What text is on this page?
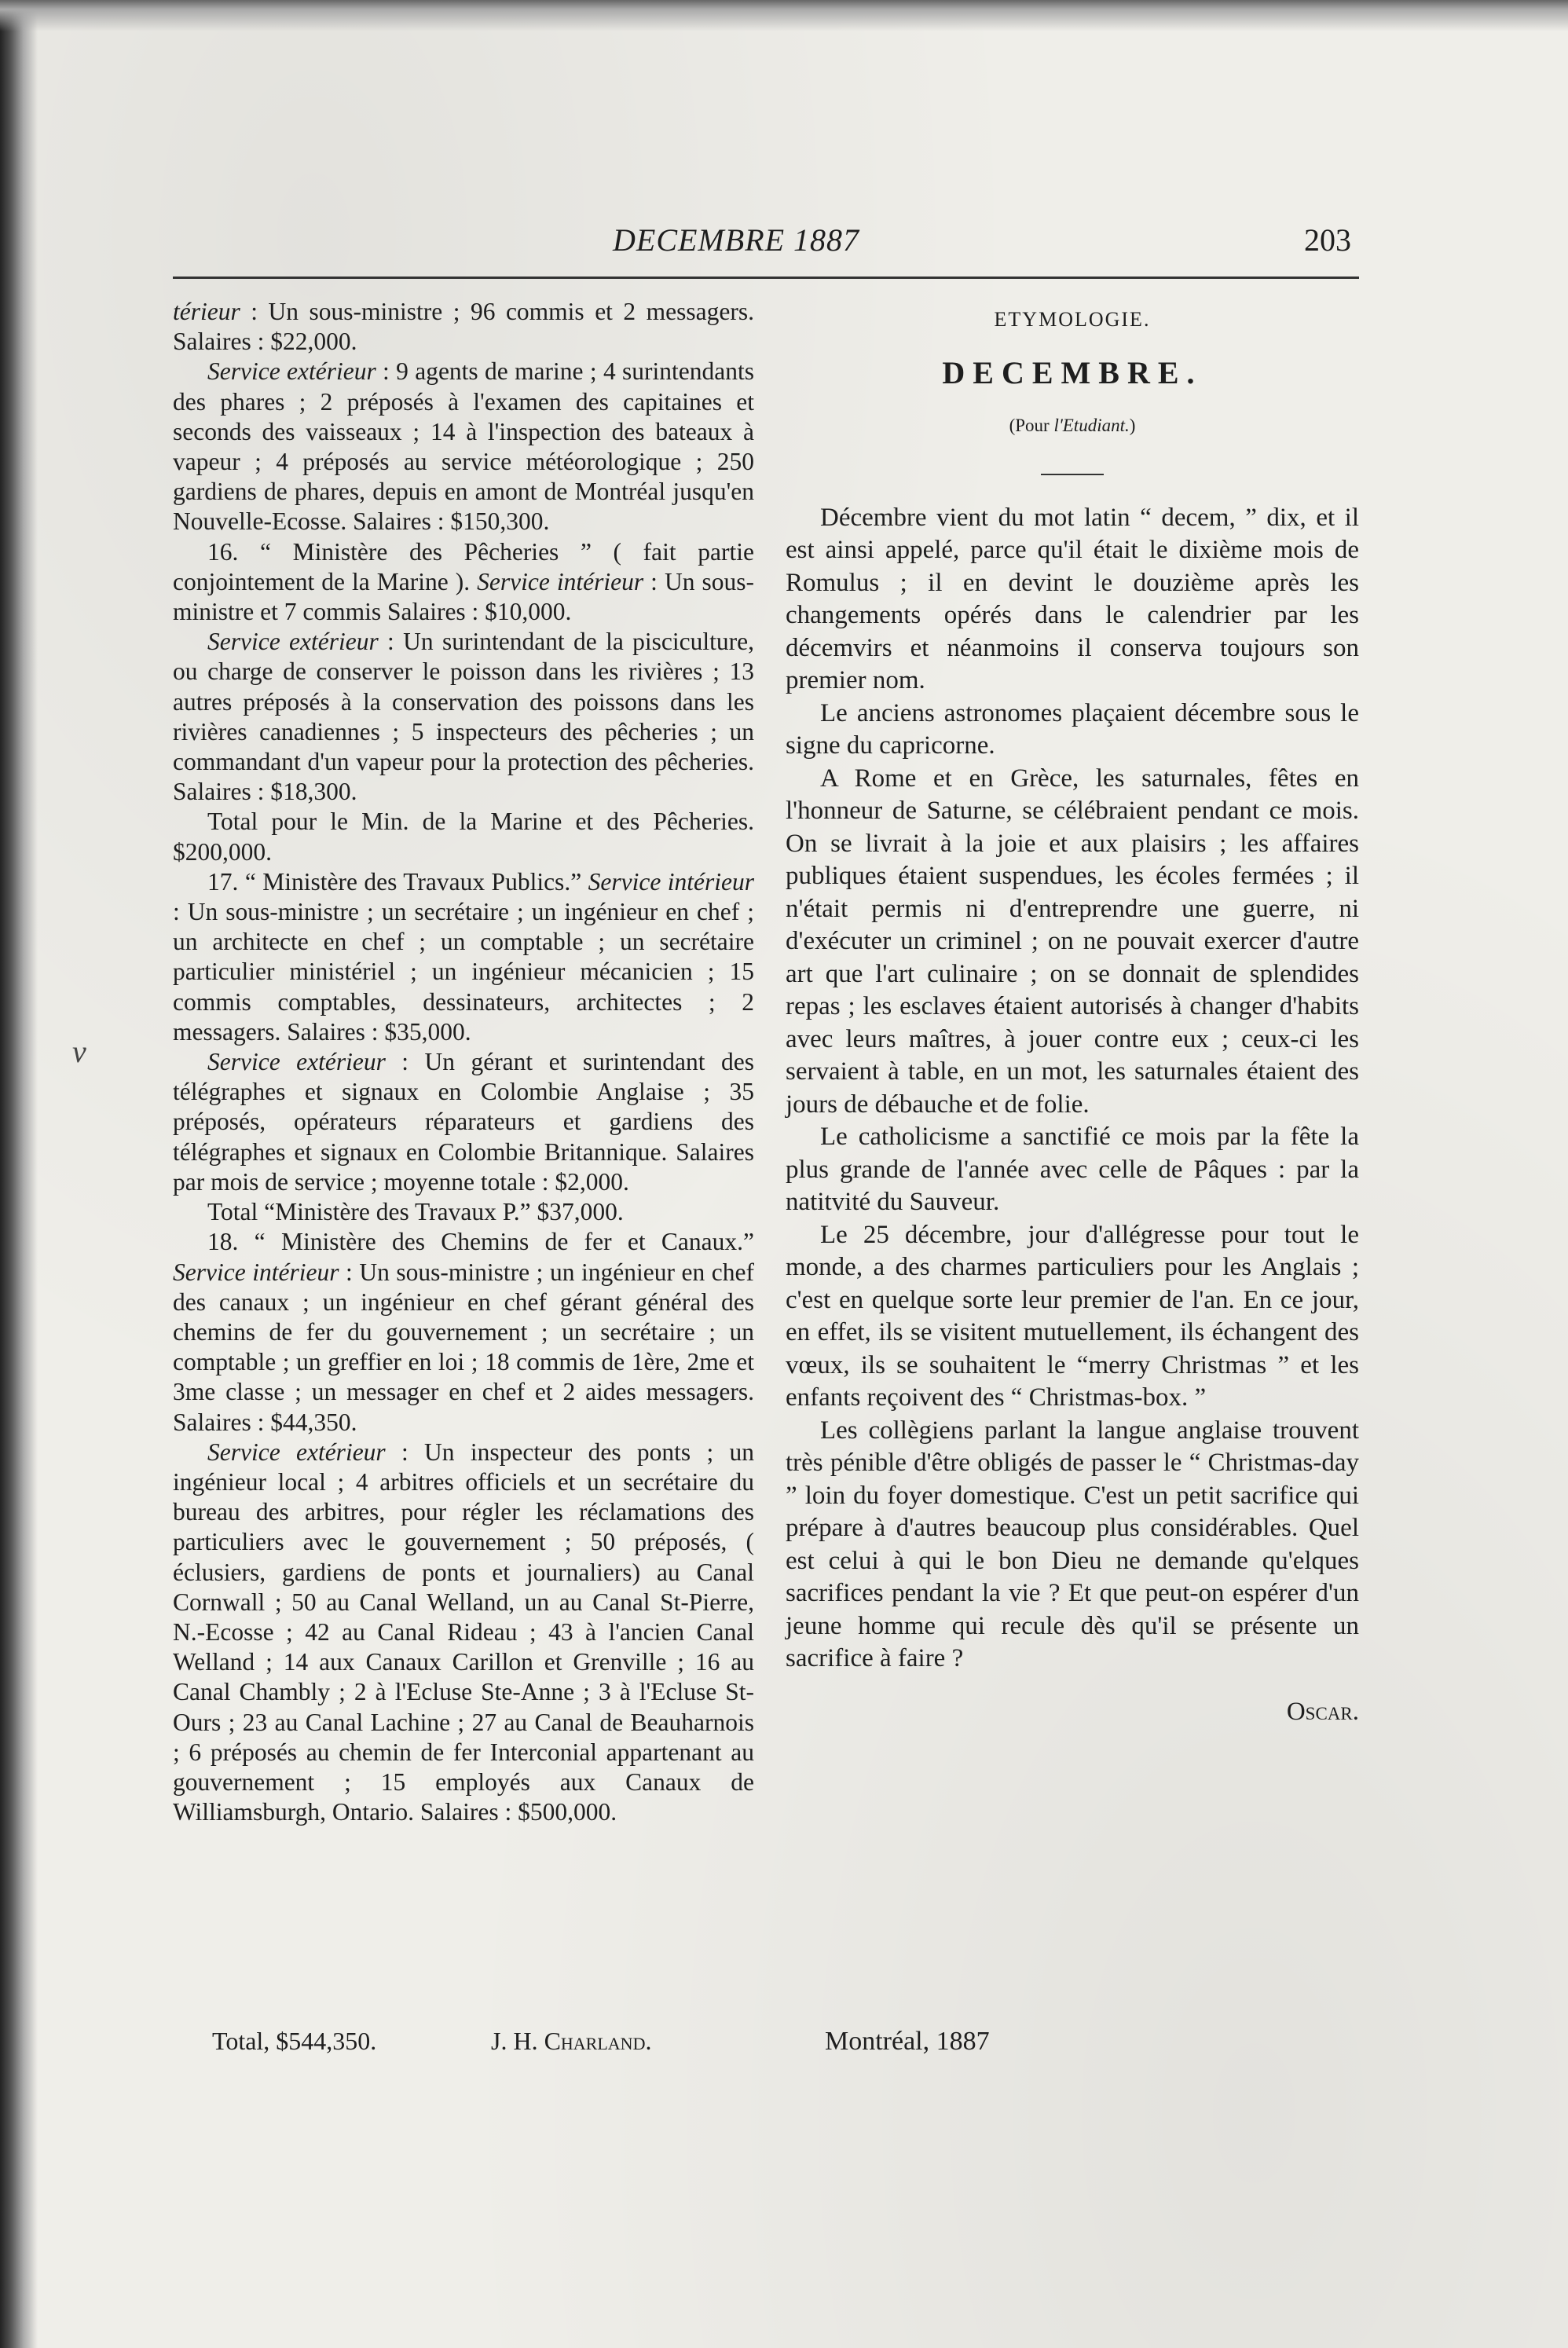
DECEMBRE 1887	203
v

térieur : Un sous-ministre ; 96 commis et 2 messagers. Salaires : $22,000.

Service extérieur : 9 agents de marine ; 4 surintendants des phares ; 2 préposés à l'examen des capitaines et seconds des vaisseaux ; 14 à l'inspection des bateaux à vapeur ; 4 préposés au service météorologique ; 250 gardiens de phares, depuis en amont de Montréal jusqu'en Nouvelle-Ecosse. Salaires : $150,300.

16. “ Ministère des Pêcheries ” ( fait partie conjointement de la Marine ). Service intérieur : Un sous-ministre et 7 commis Salaires : $10,000.

Service extérieur : Un surintendant de la pisciculture, ou charge de conserver le poisson dans les rivières ; 13 autres préposés à la conservation des poissons dans les rivières canadiennes ; 5 inspecteurs des pêcheries ; un commandant d'un vapeur pour la protection des pêcheries. Salaires : $18,300.

Total pour le Min. de la Marine et des Pêcheries. $200,000.

17. “ Ministère des Travaux Publics.” Service intérieur : Un sous-ministre ; un secrétaire ; un ingénieur en chef ; un architecte en chef ; un comptable ; un secrétaire particulier ministériel ; un ingénieur mécanicien ; 15 commis comptables, dessinateurs, architectes ; 2 messagers. Salaires : $35,000.

Service extérieur : Un gérant et surintendant des télégraphes et signaux en Colombie Anglaise ; 35 préposés, opérateurs réparateurs et gardiens des télégraphes et signaux en Colombie Britannique. Salaires par mois de service ; moyenne totale : $2,000.

Total “Ministère des Travaux P.” $37,000.

18. “ Ministère des Chemins de fer et Canaux.” Service intérieur : Un sous-ministre ; un ingénieur en chef des canaux ; un ingénieur en chef gérant général des chemins de fer du gouvernement ; un secrétaire ; un comptable ; un greffier en loi ; 18 commis de 1ère, 2me et 3me classe ; un messager en chef et 2 aides messagers. Salaires : $44,350.

Service extérieur : Un inspecteur des ponts ; un ingénieur local ; 4 arbitres officiels et un secrétaire du bureau des arbitres, pour régler les réclamations des particuliers avec le gouvernement ; 50 préposés, ( éclusiers, gardiens de ponts et journaliers) au Canal Cornwall ; 50 au Canal Welland, un au Canal St-Pierre, N.-Ecosse ; 42 au Canal Rideau ; 43 à l'ancien Canal Welland ; 14 aux Canaux Carillon et Grenville ; 16 au Canal Chambly ; 2 à l'Ecluse Ste-Anne ; 3 à l'Ecluse St-Ours ; 23 au Canal Lachine ; 27 au Canal de Beauharnois ; 6 préposés au chemin de fer Interconial appartenant au gouvernement ; 15 employés aux Canaux de Williamsburgh, Ontario. Salaires : $500,000.

ETYMOLOGIE.

DECEMBRE.

(Pour l'Etudiant.)

Décembre vient du mot latin “ decem, ” dix, et il est ainsi appelé, parce qu'il était le dixième mois de Romulus ; il en devint le douzième après les changements opérés dans le calendrier par les décemvirs et néanmoins il conserva toujours son premier nom.

Le anciens astronomes plaçaient décembre sous le signe du capricorne.

A Rome et en Grèce, les saturnales, fêtes en l'honneur de Saturne, se célébraient pendant ce mois. On se livrait à la joie et aux plaisirs ; les affaires publiques étaient suspendues, les écoles fermées ; il n'était permis ni d'entreprendre une guerre, ni d'exécuter un criminel ; on ne pouvait exercer d'autre art que l'art culinaire ; on se donnait de splendides repas ; les esclaves étaient autorisés à changer d'habits avec leurs maîtres, à jouer contre eux ; ceux-ci les servaient à table, en un mot, les saturnales étaient des jours de débauche et de folie.

Le catholicisme a sanctifié ce mois par la fête la plus grande de l'année avec celle de Pâques : par la natitvité du Sauveur.

Le 25 décembre, jour d'allégresse pour tout le monde, a des charmes particuliers pour les Anglais ; c'est en quelque sorte leur premier de l'an. En ce jour, en effet, ils se visitent mutuellement, ils échangent des vœux, ils se souhaitent le “merry Christmas ” et les enfants reçoivent des “ Christmas-box. ”

Les collègiens parlant la langue anglaise trouvent très pénible d'être obligés de passer le “ Christmas-day ” loin du foyer domestique. C'est un petit sacrifice qui prépare à d'autres beaucoup plus considérables. Quel est celui à qui le bon Dieu ne demande qu'elques sacrifices pendant la vie ? Et que peut-on espérer d'un jeune homme qui recule dès qu'il se présente un sacrifice à faire ?

Oscar.

Total, $544,350.	J. H. Charland.	Montréal, 1887
